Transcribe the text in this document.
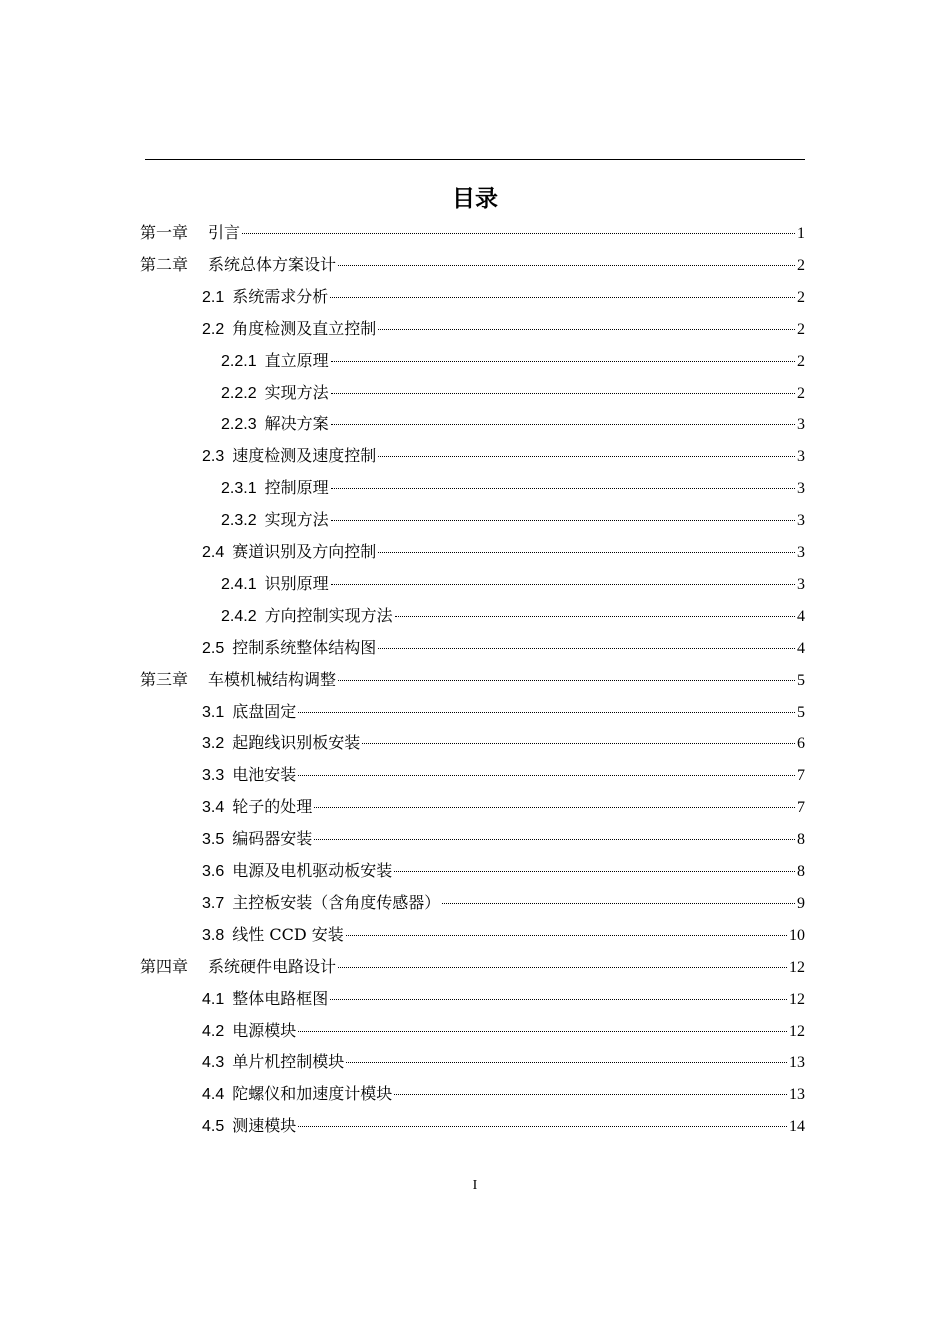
目录
第一章 引言	1
第二章 系统总体方案设计	2
2.1 系统需求分析	2
2.2 角度检测及直立控制	2
2.2.1 直立原理	2
2.2.2 实现方法	2
2.2.3 解决方案	3
2.3 速度检测及速度控制	3
2.3.1 控制原理	3
2.3.2 实现方法	3
2.4 赛道识别及方向控制	3
2.4.1 识别原理	3
2.4.2 方向控制实现方法	4
2.5 控制系统整体结构图	4
第三章 车模机械结构调整	5
3.1 底盘固定	5
3.2 起跑线识别板安装	6
3.3 电池安装	7
3.4 轮子的处理	7
3.5 编码器安装	8
3.6 电源及电机驱动板安装	8
3.7 主控板安装（含角度传感器）	9
3.8 线性 CCD 安装	10
第四章 系统硬件电路设计	12
4.1 整体电路框图	12
4.2 电源模块	12
4.3 单片机控制模块	13
4.4 陀螺仪和加速度计模块	13
4.5 测速模块	14
I
